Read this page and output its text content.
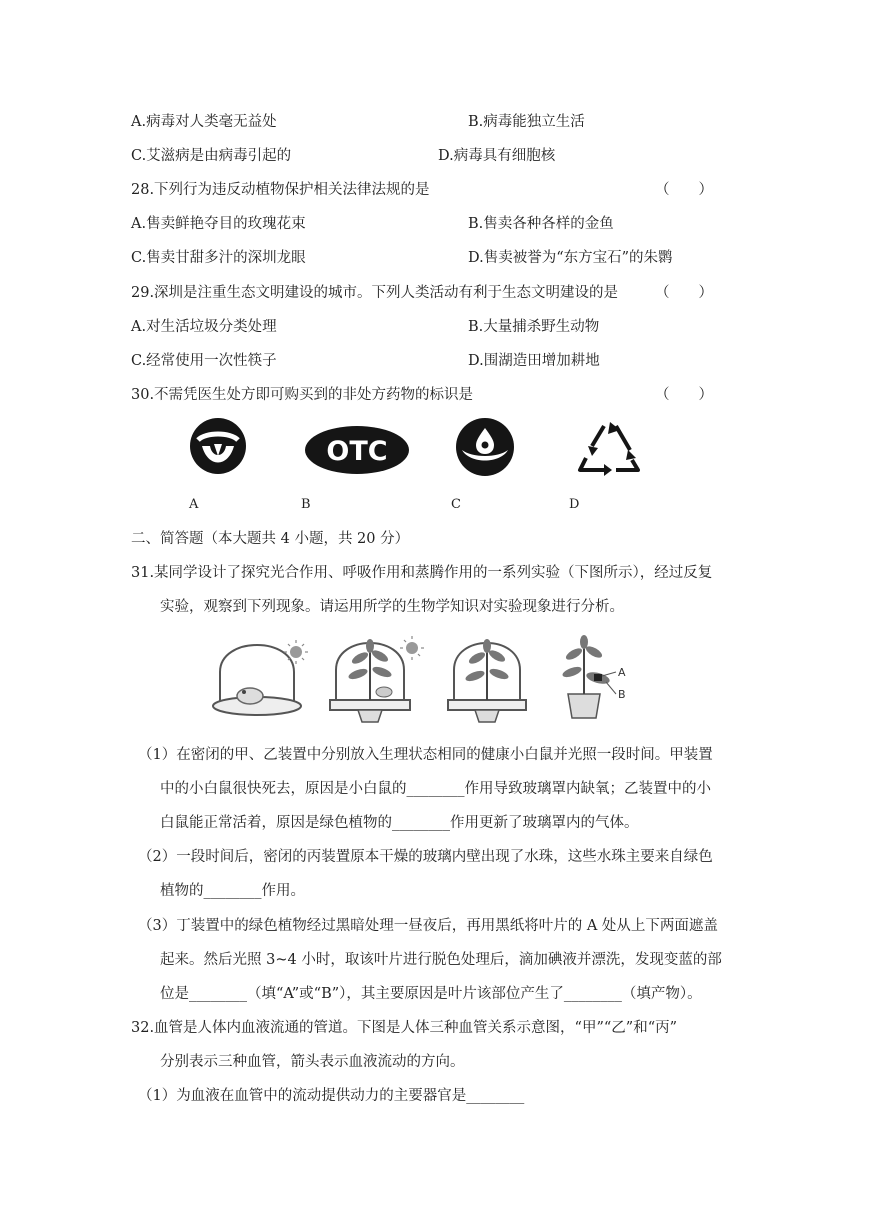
A.病毒对人类毫无益处	B.病毒能独立生活
C.艾滋病是由病毒引起的	D.病毒具有细胞核
28.下列行为违反动植物保护相关法律法规的是	（　　）
A.售卖鲜艳夺目的玫瑰花束	B.售卖各种各样的金鱼
C.售卖甘甜多汁的深圳龙眼	D.售卖被誉为“东方宝石”的朱鹮
29.深圳是注重生态文明建设的城市。下列人类活动有利于生态文明建设的是	（　　）
A.对生活垃圾分类处理	B.大量捕杀野生动物
C.经常使用一次性筷子	D.围湖造田增加耕地
30.不需凭医生处方即可购买到的非处方药物的标识是	（　　）
OTC
A	B	C	D
二、简答题（本大题共 4 小题，共 20 分）
31.某同学设计了探究光合作用、呼吸作用和蒸腾作用的一系列实验（下图所示），经过反复
实验，观察到下列现象。请运用所学的生物学知识对实验现象进行分析。
A
B
（1）在密闭的甲、乙装置中分别放入生理状态相同的健康小白鼠并光照一段时间。甲装置
中的小白鼠很快死去，原因是小白鼠的________作用导致玻璃罩内缺氧；乙装置中的小
白鼠能正常活着，原因是绿色植物的________作用更新了玻璃罩内的气体。
（2）一段时间后，密闭的丙装置原本干燥的玻璃内壁出现了水珠，这些水珠主要来自绿色
植物的________作用。
（3）丁装置中的绿色植物经过黑暗处理一昼夜后，再用黑纸将叶片的 A 处从上下两面遮盖
起来。然后光照 3~4 小时，取该叶片进行脱色处理后，滴加碘液并漂洗，发现变蓝的部
位是________（填“A”或“B”），其主要原因是叶片该部位产生了________（填产物）。
32.血管是人体内血液流通的管道。下图是人体三种血管关系示意图，“甲”“乙”和“丙”
分别表示三种血管，箭头表示血液流动的方向。
（1）为血液在血管中的流动提供动力的主要器官是________
